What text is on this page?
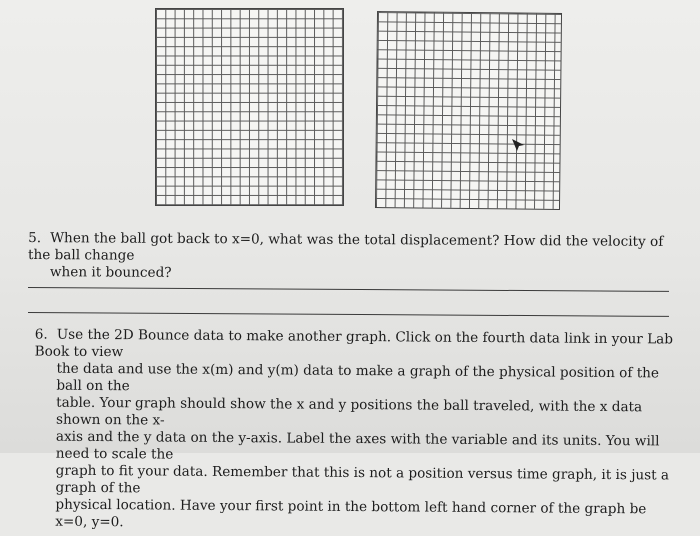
5. When the ball got back to x=0, what was the total displacement? How did the velocity of the ball change
when it bounced?
6. Use the 2D Bounce data to make another graph. Click on the fourth data link in your Lab Book to view
the data and use the x(m) and y(m) data to make a graph of the physical position of the ball on the
table. Your graph should show the x and y positions the ball traveled, with the x data shown on the x-
axis and the y data on the y-axis. Label the axes with the variable and its units. You will need to scale the
graph to fit your data. Remember that this is not a position versus time graph, it is just a graph of the
physical location. Have your first point in the bottom left hand corner of the graph be x=0, y=0.
